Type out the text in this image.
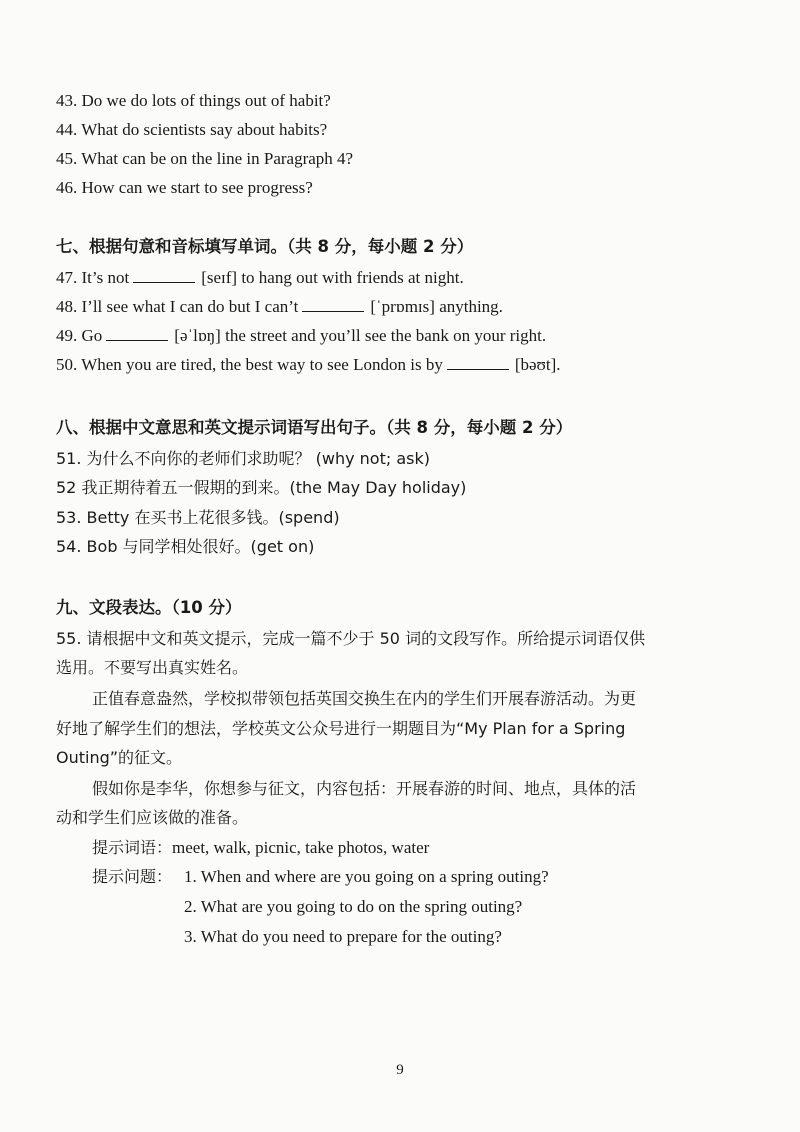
43. Do we do lots of things out of habit?
44. What do scientists say about habits?
45. What can be on the line in Paragraph 4?
46. How can we start to see progress?
七、根据句意和音标填写单词。（共 8 分，每小题 2 分）
47. It’s not	[seɪf] to hang out with friends at night.
48. I’ll see what I can do but I can’t	[ˈprɒmɪs] anything.
49. Go	[əˈlɒŋ] the street and you’ll see the bank on your right.
50. When you are tired, the best way to see London is by	[bəʊt].
八、根据中文意思和英文提示词语写出句子。（共 8 分，每小题 2 分）
51. 为什么不向你的老师们求助呢？ (why not; ask)
52 我正期待着五一假期的到来。(the May Day holiday)
53. Betty 在买书上花很多钱。(spend)
54. Bob 与同学相处很好。(get on)
九、文段表达。（10 分）
55. 请根据中文和英文提示，完成一篇不少于 50 词的文段写作。所给提示词语仅供
选用。不要写出真实姓名。
正值春意盎然，学校拟带领包括英国交换生在内的学生们开展春游活动。为更
好地了解学生们的想法，学校英文公众号进行一期题目为“My Plan for a Spring
Outing”的征文。
假如你是李华，你想参与征文，内容包括：开展春游的时间、地点，具体的活
动和学生们应该做的准备。
提示词语：meet, walk, picnic, take photos, water
提示问题： 1. When and where are you going on a spring outing?
2. What are you going to do on the spring outing?
3. What do you need to prepare for the outing?
9
